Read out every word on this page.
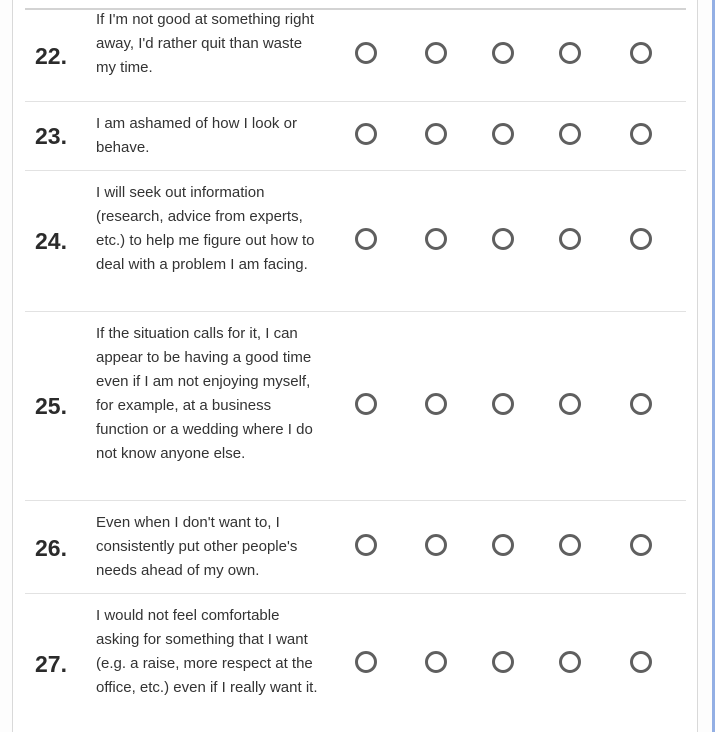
22.
If I'm not good at something right away, I'd rather quit than waste my time.
23.	I am ashamed of how I look or behave.
24.
I will seek out information (research, advice from experts, etc.) to help me figure out how to deal with a problem I am facing.
25.
If the situation calls for it, I can appear to be having a good time even if I am not enjoying myself, for example, at a business function or a wedding where I do not know anyone else.
26.
Even when I don't want to, I consistently put other people's needs ahead of my own.
27.
I would not feel comfortable asking for something that I want (e.g. a raise, more respect at the office, etc.) even if I really want it.
